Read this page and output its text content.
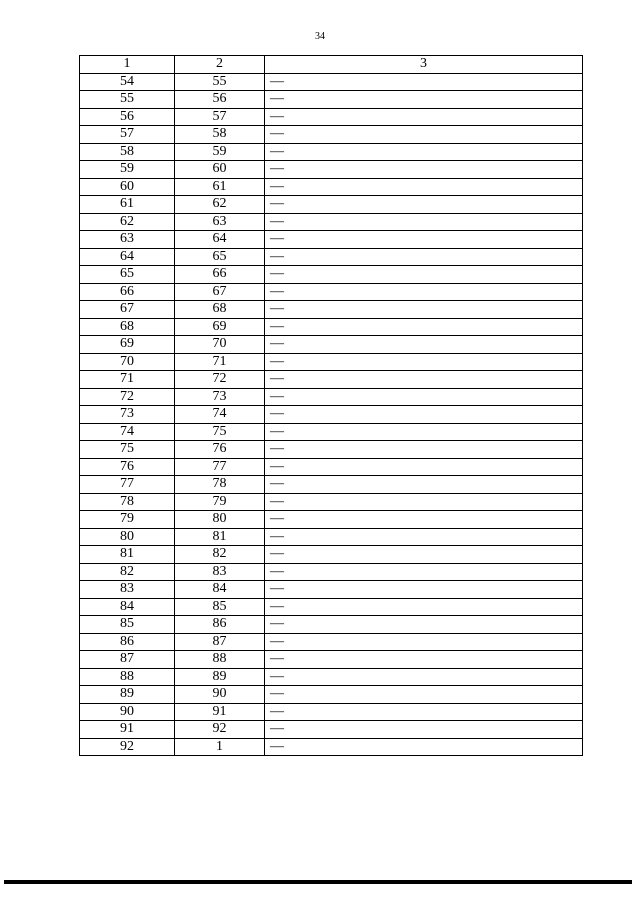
34
1	2	3
54	55	—
55	56	—
56	57	—
57	58	—
58	59	—
59	60	—
60	61	—
61	62	—
62	63	—
63	64	—
64	65	—
65	66	—
66	67	—
67	68	—
68	69	—
69	70	—
70	71	—
71	72	—
72	73	—
73	74	—
74	75	—
75	76	—
76	77	—
77	78	—
78	79	—
79	80	—
80	81	—
81	82	—
82	83	—
83	84	—
84	85	—
85	86	—
86	87	—
87	88	—
88	89	—
89	90	—
90	91	—
91	92	—
92	1	—
